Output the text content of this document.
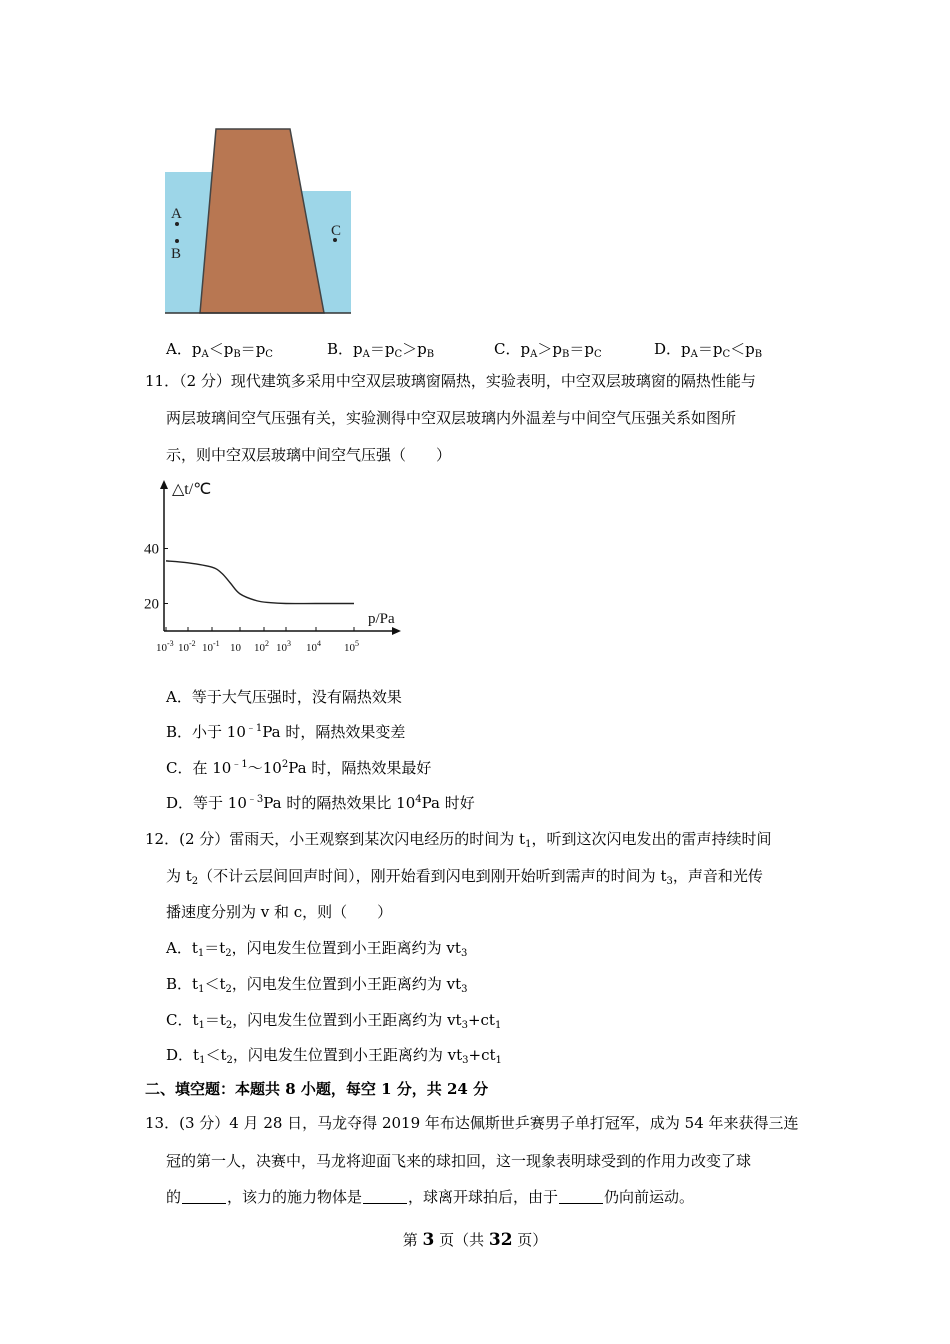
A
B
C
A．$p_A<p_B=p_C$	B．$p_A=p_C>p_B$	C．$p_A>p_B=p_C$	D．$p_A=p_C<p_B$
11．（2 分）现代建筑多采用中空双层玻璃窗隔热，实验表明，中空双层玻璃窗的隔热性能与
两层玻璃间空气压强有关，实验测得中空双层玻璃内外温差与中间空气压强关系如图所
示，则中空双层玻璃中间空气压强（　　）
40
20
$10^{-3}$ $10^{-2}$ $10^{-1}$ 10 $10^2$ $10^3$ $10^4$ $10^5$
△t/℃
p/Pa
A．等于大气压强时，没有隔热效果
B．小于 $10^{﹣1}Pa$ 时，隔热效果变差
C．在 $10^{﹣1}\sim 10^2Pa$ 时，隔热效果最好
D．等于 $10^{﹣3}Pa$ 时的隔热效果比 $10^4Pa$ 时好
12．(2 分）雷雨天，小王观察到某次闪电经历的时间为 $t_1$，听到这次闪电发出的雷声持续时间
为 $t_2$（不计云层间回声时间），刚开始看到闪电到刚开始听到需声的时间为 $t_3$，声音和光传
播速度分别为 v 和 c，则（　　）
A．$t_1=t_2$，闪电发生位置到小王距离约为 $vt_3$
B．$t_1<t_2$，闪电发生位置到小王距离约为 $vt_3$
C．$t_1=t_2$，闪电发生位置到小王距离约为 $vt_3+ct_1$
D．$t_1<t_2$，闪电发生位置到小王距离约为 $vt_3+ct_1$
二、填空题：本题共 8 小题，每空 1 分，共 24 分
13．(3 分）4 月 28 日，马龙夺得 2019 年布达佩斯世乒赛男子单打冠军，成为 54 年来获得三连
冠的第一人，决赛中，马龙将迎面飞来的球扣回，这一现象表明球受到的作用力改变了球
的	，该力的施力物体是	，球离开球拍后，由于	仍向前运动。
第 3 页（共 32 页）
